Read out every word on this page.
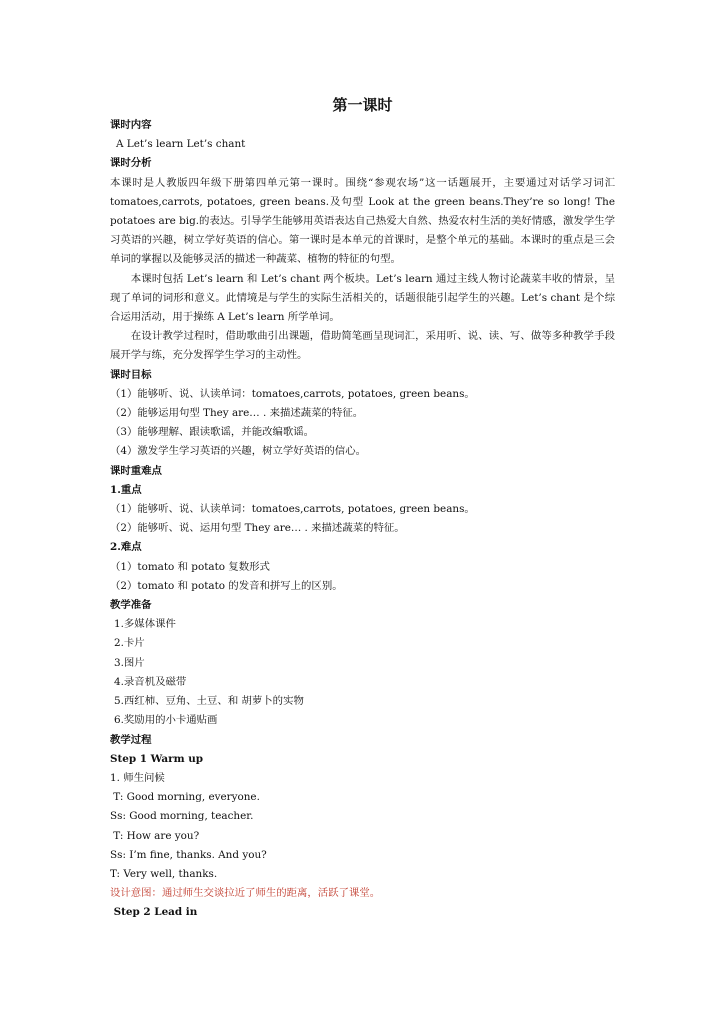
第一课时
课时内容
A Let’s learn Let’s chant
课时分析
本课时是人教版四年级下册第四单元第一课时。围绕“参观农场”这一话题展开，主要通过对话学习词汇 tomatoes,carrots, potatoes, green beans.及句型 Look at the green beans.They’re so long! The potatoes are big.的表达。引导学生能够用英语表达自己热爱大自然、热爱农村生活的美好情感，激发学生学习英语的兴趣，树立学好英语的信心。第一课时是本单元的首课时，是整个单元的基础。本课时的重点是三会单词的掌握以及能够灵活的描述一种蔬菜、植物的特征的句型。
本课时包括 Let’s learn 和 Let’s chant 两个板块。Let’s learn 通过主线人物讨论蔬菜丰收的情景，呈现了单词的词形和意义。此情境是与学生的实际生活相关的，话题很能引起学生的兴趣。Let’s chant 是个综合运用活动，用于操练 A Let’s learn 所学单词。
在设计教学过程时，借助歌曲引出课题，借助简笔画呈现词汇，采用听、说、读、写、做等多种教学手段展开学与练，充分发挥学生学习的主动性。
课时目标
（1）能够听、说、认读单词：tomatoes,carrots, potatoes, green beans。
（2）能够运用句型 They are… . 来描述蔬菜的特征。
（3）能够理解、跟读歌谣，并能改编歌谣。
（4）激发学生学习英语的兴趣，树立学好英语的信心。
课时重难点
1.重点
（1）能够听、说、认读单词：tomatoes,carrots, potatoes, green beans。
（2）能够听、说、运用句型 They are… . 来描述蔬菜的特征。
2.难点
（1）tomato 和 potato 复数形式
（2）tomato 和 potato 的发音和拼写上的区别。
教学准备
1.多媒体课件
2.卡片
3.图片
4.录音机及磁带
5.西红柿、豆角、土豆、和 胡萝卜的实物
6.奖励用的小卡通贴画
教学过程
Step 1 Warm up
1. 师生问候
T: Good morning, everyone.
Ss: Good morning, teacher.
T: How are you?
Ss: I’m fine, thanks. And you?
T: Very well, thanks.
设计意图：通过师生交谈拉近了师生的距离，活跃了课堂。
Step 2 Lead in
